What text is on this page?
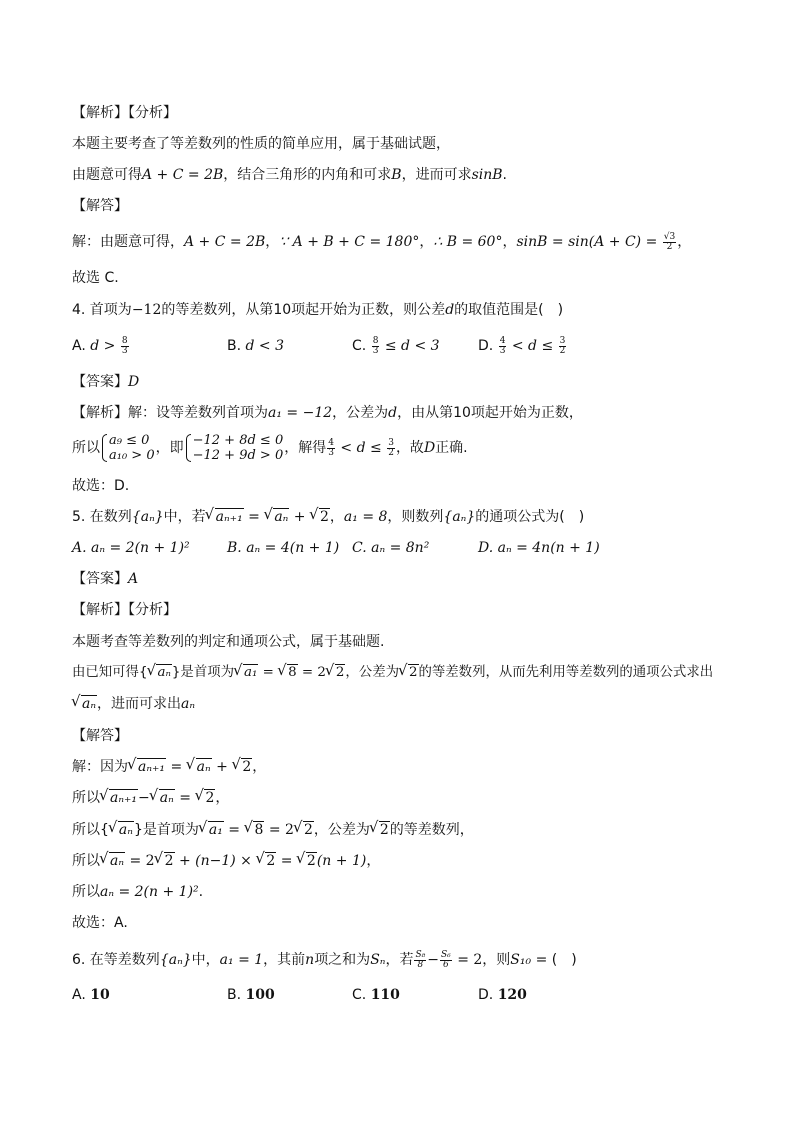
【解析】【分析】
本题主要考查了等差数列的性质的简单应用，属于基础试题，
由题意可得A + C = 2B，结合三角形的内角和可求B，进而可求sinB.
【解答】
解：由题意可得，A + C = 2B，∵ A + B + C = 180°，∴ B = 60°，$\sin B = \sin(A + C) = \frac{√3}{2}$ ，
故选 C.
4. 首项为−12的等差数列，从第10项起开始为正数，则公差d的取值范围是(　)
A. $d > \frac{8}{3}$	B. d < 3	C. $\frac{8}{3} \le d < 3$	D. $\frac{4}{3} < d \le \frac{3}{2}$
【答案】D
【解析】解：设等差数列首项为a₁ = −12，公差为d，由从第10项起开始为正数，
所以 a₉ ≤ 0
a₁₀ > 0 ，即 −12 + 8d ≤ 0
−12 + 9d > 0 ，解得 $\frac{4}{3} < d \le \frac{3}{2}$ ，故D正确.
故选：D.
5. 在数列{aₙ}中，若 √ aₙ₊₁ = √ aₙ + √ 2，a₁ = 8，则数列{aₙ}的通项公式为(　)
A. aₙ = 2(n + 1)²	B. aₙ = 4(n + 1) C. aₙ = 8n²	D. aₙ = 4n(n + 1)
【答案】A
【解析】【分析】
本题考查等差数列的判定和通项公式，属于基础题.
由已知可得{ √ aₙ}是首项为 √ a₁ = √ 8 = 2 √ 2，公差为 √ 2的等差数列，从而先利用等差数列的通项公式求出
√ aₙ，进而可求出aₙ
【解答】
解：因为 √ aₙ₊₁ = √ aₙ + √ 2，
所以 √ aₙ₊₁− √ aₙ = √ 2，
所以{ √ aₙ}是首项为 √ a₁ = √ 8 = 2 √ 2，公差为 √ 2的等差数列，
所以 √ aₙ = 2 √ 2 + (n−1) × √ 2 = √ 2(n + 1)，
所以aₙ = 2(n + 1)².
故选：A.
6. 在等差数列{aₙ}中，a₁ = 1，其前n项之和为Sₙ，若 $\frac{\text{S₈}}{8} - \frac{\text{S₆}}{6} = 2$，则S₁₀ = (　)
A. 10	B. 100	C. 110	D. 120
